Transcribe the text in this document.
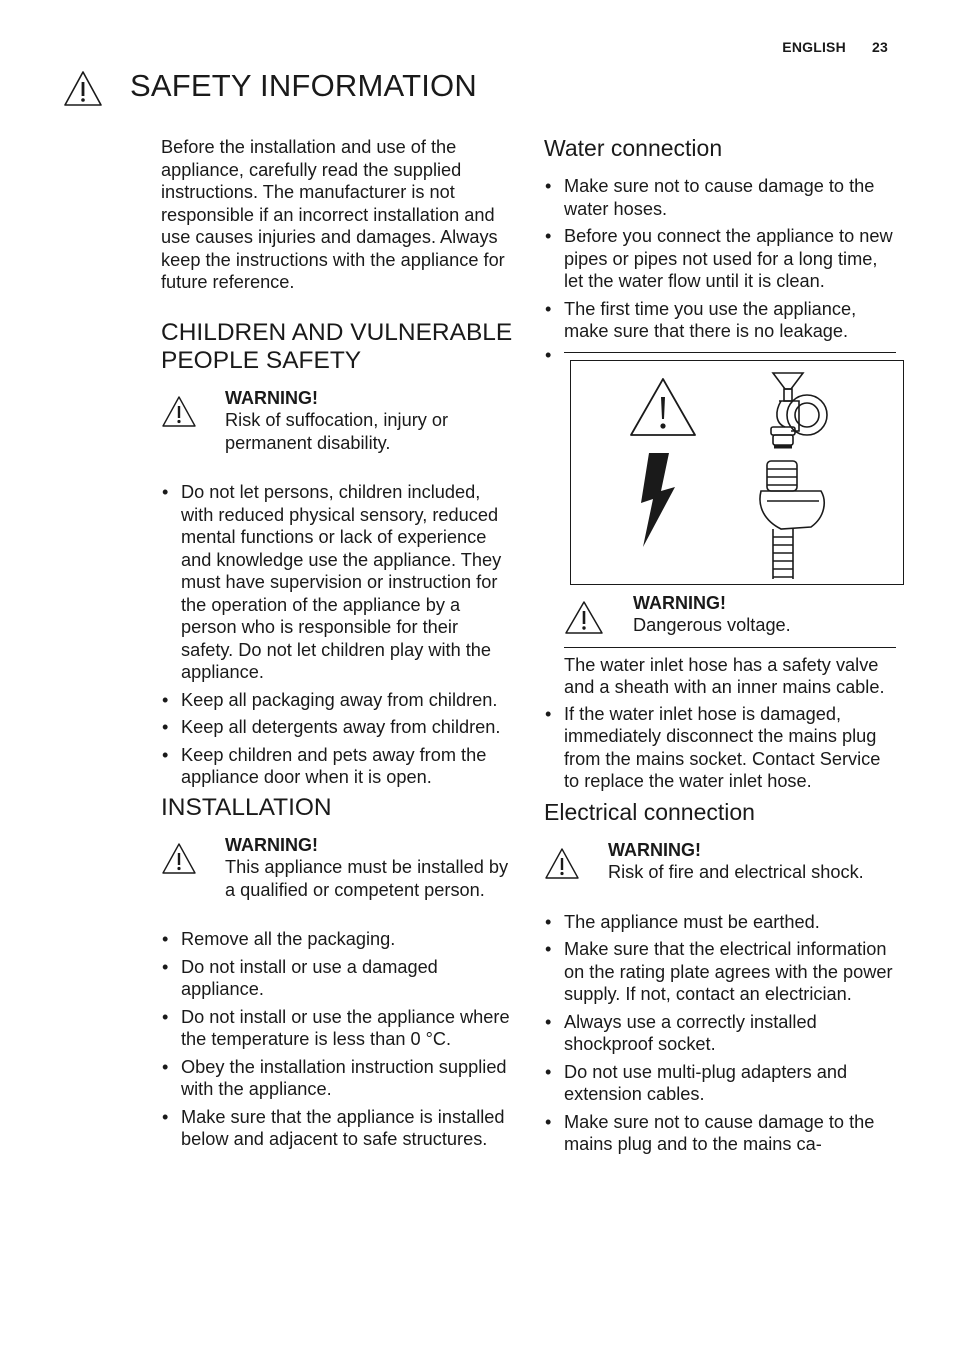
ENGLISH 23
SAFETY INFORMATION

Before the installation and use of the appliance, carefully read the supplied instructions. The manufacturer is not responsible if an incorrect installation and use causes injuries and damages. Always keep the instructions with the appliance for future reference.

CHILDREN AND VULNERABLE PEOPLE SAFETY
WARNING!
Risk of suffocation, injury or permanent disability.
• Do not let persons, children included, with reduced physical sensory, reduced mental functions or lack of experience and knowledge use the appliance. They must have supervision or instruction for the operation of the appliance by a person who is responsible for their safety. Do not let children play with the appliance.
• Keep all packaging away from children.
• Keep all detergents away from children.
• Keep children and pets away from the appliance door when it is open.
INSTALLATION
WARNING!
This appliance must be installed by a qualified or competent person.
• Remove all the packaging.
• Do not install or use a damaged appliance.
• Do not install or use the appliance where the temperature is less than 0 °C.
• Obey the installation instruction supplied with the appliance.
• Make sure that the appliance is installed below and adjacent to safe structures.
Water connection
• Make sure not to cause damage to the water hoses.
• Before you connect the appliance to new pipes or pipes not used for a long time, let the water flow until it is clean.
• The first time you use the appliance, make sure that there is no leakage.
•
WARNING!
Dangerous voltage.

The water inlet hose has a safety valve and a sheath with an inner mains cable.

• If the water inlet hose is damaged, immediately disconnect the mains plug from the mains socket. Contact Service to replace the water inlet hose.
Electrical connection
WARNING!
Risk of fire and electrical shock.
• The appliance must be earthed.
• Make sure that the electrical information on the rating plate agrees with the power supply. If not, contact an electrician.
• Always use a correctly installed shockproof socket.
• Do not use multi-plug adapters and extension cables.
• Make sure not to cause damage to the mains plug and to the mains ca-
